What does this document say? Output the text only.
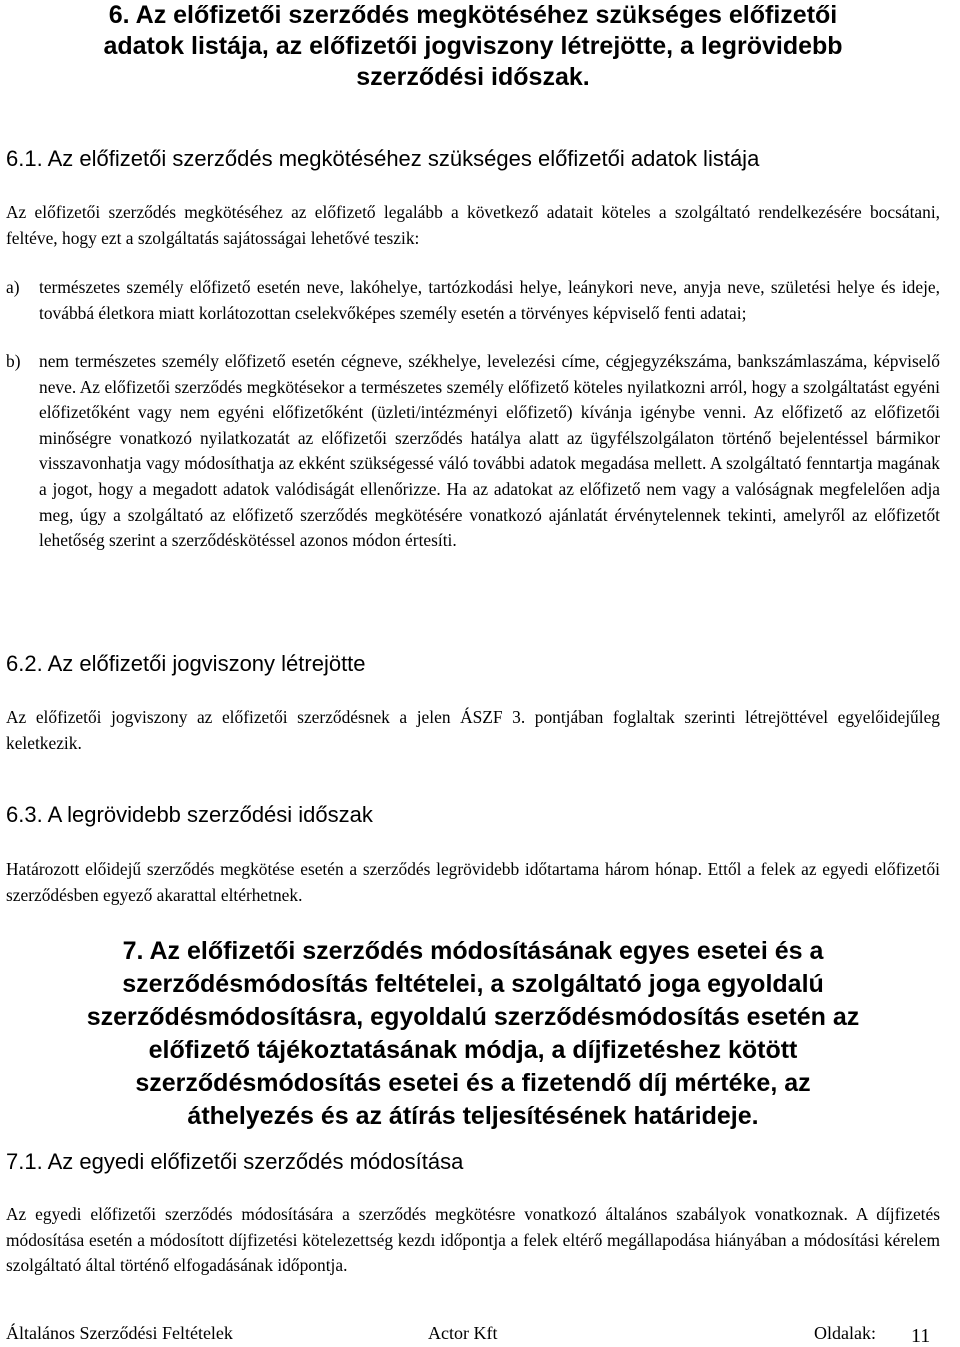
6. Az előfizetői szerződés megkötéséhez szükséges előfizetői

adatok listája, az előfizetői jogviszony létrejötte, a legrövidebb

szerződési időszak.

6.1. Az előfizetői szerződés megkötéséhez szükséges előfizetői adatok listája

Az előfizetői szerződés megkötéséhez az előfizető legalább a következő adatait köteles a szolgáltató rendelkezésére bocsátani, feltéve, hogy ezt a szolgáltatás sajátosságai lehetővé teszik:

a) természetes személy előfizető esetén neve, lakóhelye, tartózkodási helye, leánykori neve, anyja neve, születési helye és ideje, továbbá életkora miatt korlátozottan cselekvőképes személy esetén a törvényes képviselő fenti adatai;

b) nem természetes személy előfizető esetén cégneve, székhelye, levelezési címe, cégjegyzékszáma, bankszámlaszáma, képviselő neve. Az előfizetői szerződés megkötésekor a természetes személy előfizető köteles nyilatkozni arról, hogy a szolgáltatást egyéni előfizetőként vagy nem egyéni előfizetőként (üzleti/intézményi előfizető) kívánja igénybe venni. Az előfizető az előfizetői minőségre vonatkozó nyilatkozatát az előfizetői szerződés hatálya alatt az ügyfélszolgálaton történő bejelentéssel bármikor visszavonhatja vagy módosíthatja az ekként szükségessé váló további adatok megadása mellett. A szolgáltató fenntartja magának a jogot, hogy a megadott adatok valódiságát ellenőrizze. Ha az adatokat az előfizető nem vagy a valóságnak megfelelően adja meg, úgy a szolgáltató az előfizető szerződés megkötésére vonatkozó ajánlatát érvénytelennek tekinti, amelyről az előfizetőt lehetőség szerint a szerződéskötéssel azonos módon értesíti.

6.2. Az előfizetői jogviszony létrejötte

Az előfizetői jogviszony az előfizetői szerződésnek a jelen ÁSZF 3. pontjában foglaltak szerinti létrejöttével egyelőidejűleg keletkezik.

6.3. A legrövidebb szerződési időszak

Határozott előidejű szerződés megkötése esetén a szerződés legrövidebb időtartama három hónap. Ettől a felek az egyedi előfizetői szerződésben egyező akarattal eltérhetnek.

7. Az előfizetői szerződés módosításának egyes esetei és a

szerződésmódosítás feltételei, a szolgáltató joga egyoldalú

szerződésmódosításra, egyoldalú szerződésmódosítás esetén az

előfizető tájékoztatásának módja, a díjfizetéshez kötött

szerződésmódosítás esetei és a fizetendő díj mértéke, az

áthelyezés és az átírás teljesítésének határideje.

7.1. Az egyedi előfizetői szerződés módosítása

Az egyedi előfizetői szerződés módosítására a szerződés megkötésre vonatkozó általános szabályok vonatkoznak. A díjfizetés módosítása esetén a módosított díjfizetési kötelezettség kezdı időpontja a felek eltérő megállapodása hiányában a módosítási kérelem szolgáltató által történő elfogadásának időpontja.

Általános Szerződési Feltételek	Actor Kft	Oldalak: 11
